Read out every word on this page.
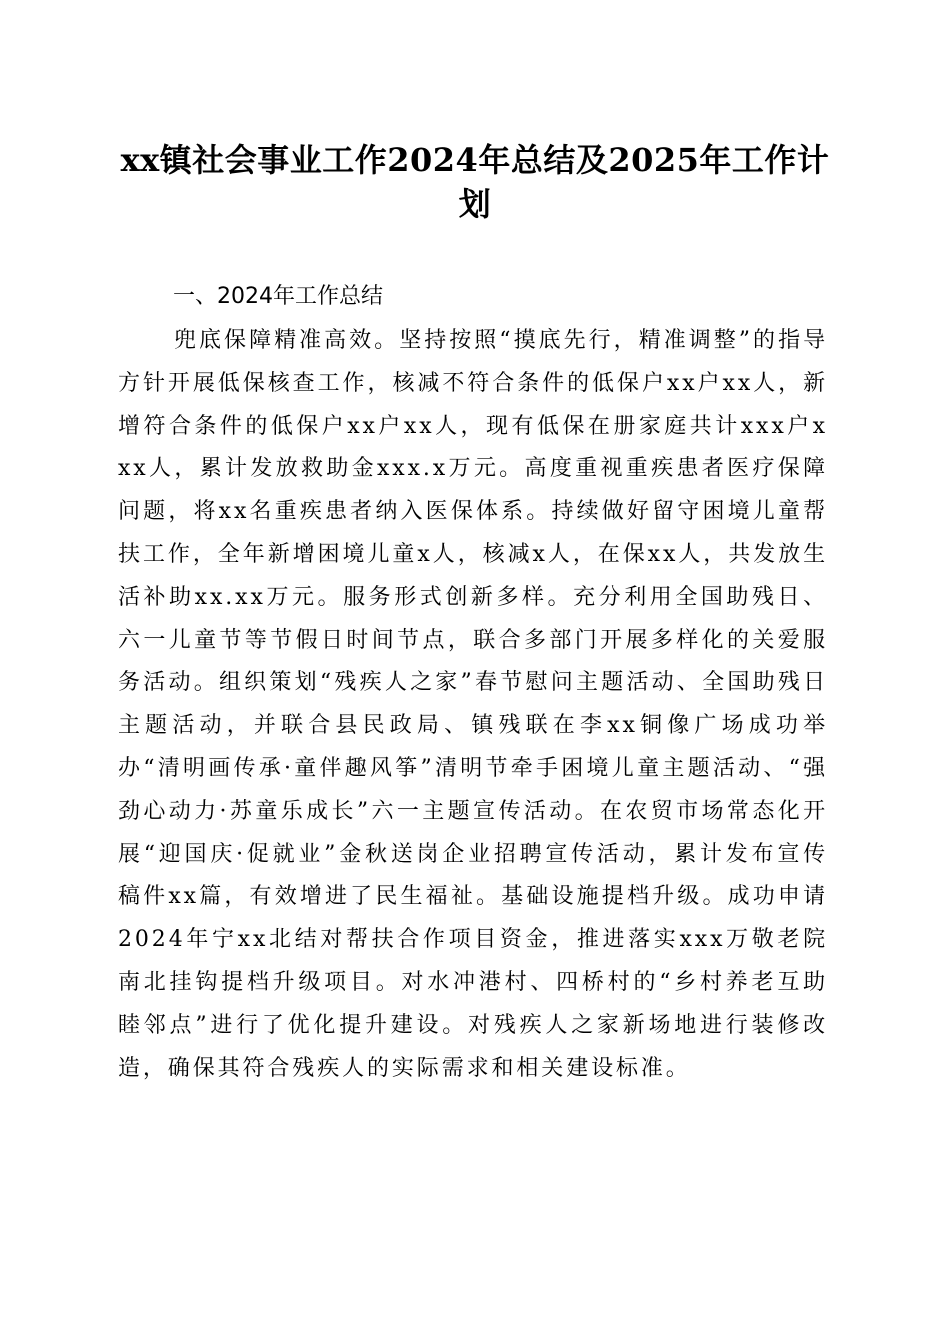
xx镇社会事业工作2024年总结及2025年工作计划
一、2024年工作总结

兜底保障精准高效。坚持按照“摸底先行，精准调整”的指导方针开展低保核查工作，核减不符合条件的低保户xx户xx人，新增符合条件的低保户xx户xx人，现有低保在册家庭共计xxx户xxx人，累计发放救助金xxx.x万元。高度重视重疾患者医疗保障问题，将xx名重疾患者纳入医保体系。持续做好留守困境儿童帮扶工作，全年新增困境儿童x人，核减x人，在保xx人，共发放生活补助xx.xx万元。服务形式创新多样。充分利用全国助残日、六一儿童节等节假日时间节点，联合多部门开展多样化的关爱服务活动。组织策划“残疾人之家”春节慰问主题活动、全国助残日主题活动，并联合县民政局、镇残联在李xx铜像广场成功举办“清明画传承·童伴趣风筝”清明节牵手困境儿童主题活动、“强劲心动力·苏童乐成长”六一主题宣传活动。在农贸市场常态化开展“迎国庆·促就业”金秋送岗企业招聘宣传活动，累计发布宣传稿件xx篇，有效增进了民生福祉。基础设施提档升级。成功申请2024年宁xx北结对帮扶合作项目资金，推进落实xxx万敬老院南北挂钩提档升级项目。对水冲港村、四桥村的“乡村养老互助睦邻点”进行了优化提升建设。对残疾人之家新场地进行装修改造，确保其符合残疾人的实际需求和相关建设标准。
